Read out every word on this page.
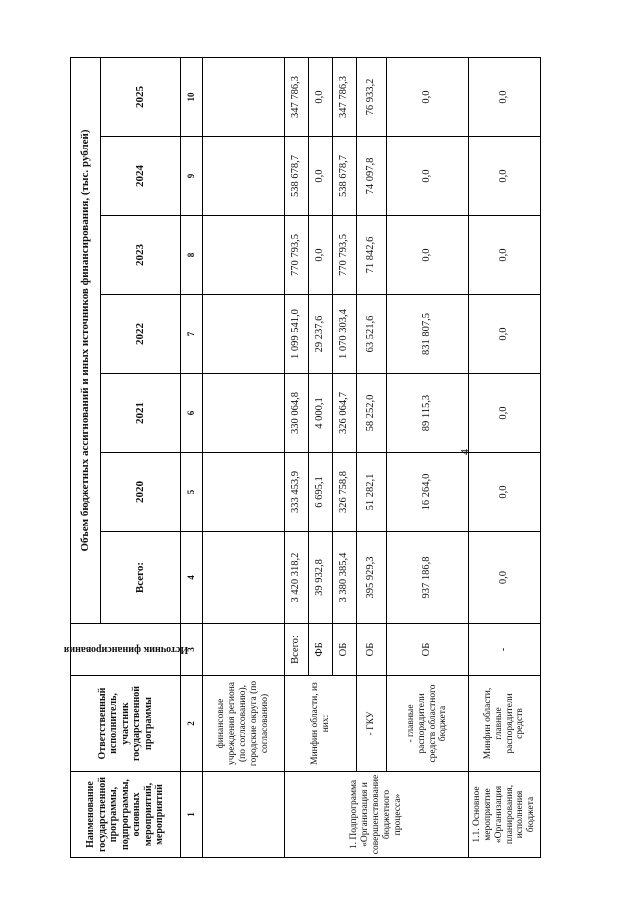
4
Наименование государственной программы, подпрограммы, основных мероприятий, мероприятий	Ответственный исполнитель, участник государственной программы	Источник финансирования	Объем бюджетных ассигнований и иных источников финансирования, (тыс. рублей)						
			Всего:	2020	2021	2022	2023	2024	2025
1	2	3	4	5	6	7	8	9	10
	финансовые учреждения региона (по согласованию), городские округа (по согласованию)								
1. Подпрограмма «Организация и совершенствование бюджетного процесса»	Минфин области, из них:	Всего:	3 420 318,2	333 453,9	330 064,8	1 099 541,0	770 793,5	538 678,7	347 786,3
		ФБ	39 932,8	6 695,1	4 000,1	29 237,6	0,0	0,0	0,0
		ОБ	3 380 385,4	326 758,8	326 064,7	1 070 303,4	770 793,5	538 678,7	347 786,3
	- ГКУ	ОБ	395 929,3	51 282,1	58 252,0	63 521,6	71 842,6	74 097,8	76 933,2
	- главные распорядители средств областного бюджета	ОБ	937 186,8	16 264,0	89 115,3	831 807,5	0,0	0,0	0,0
1.1. Основное мероприятие «Организация планирования, исполнения бюджета	Минфин области, главные распорядители средств	-	0,0	0,0	0,0	0,0	0,0	0,0	0,0
